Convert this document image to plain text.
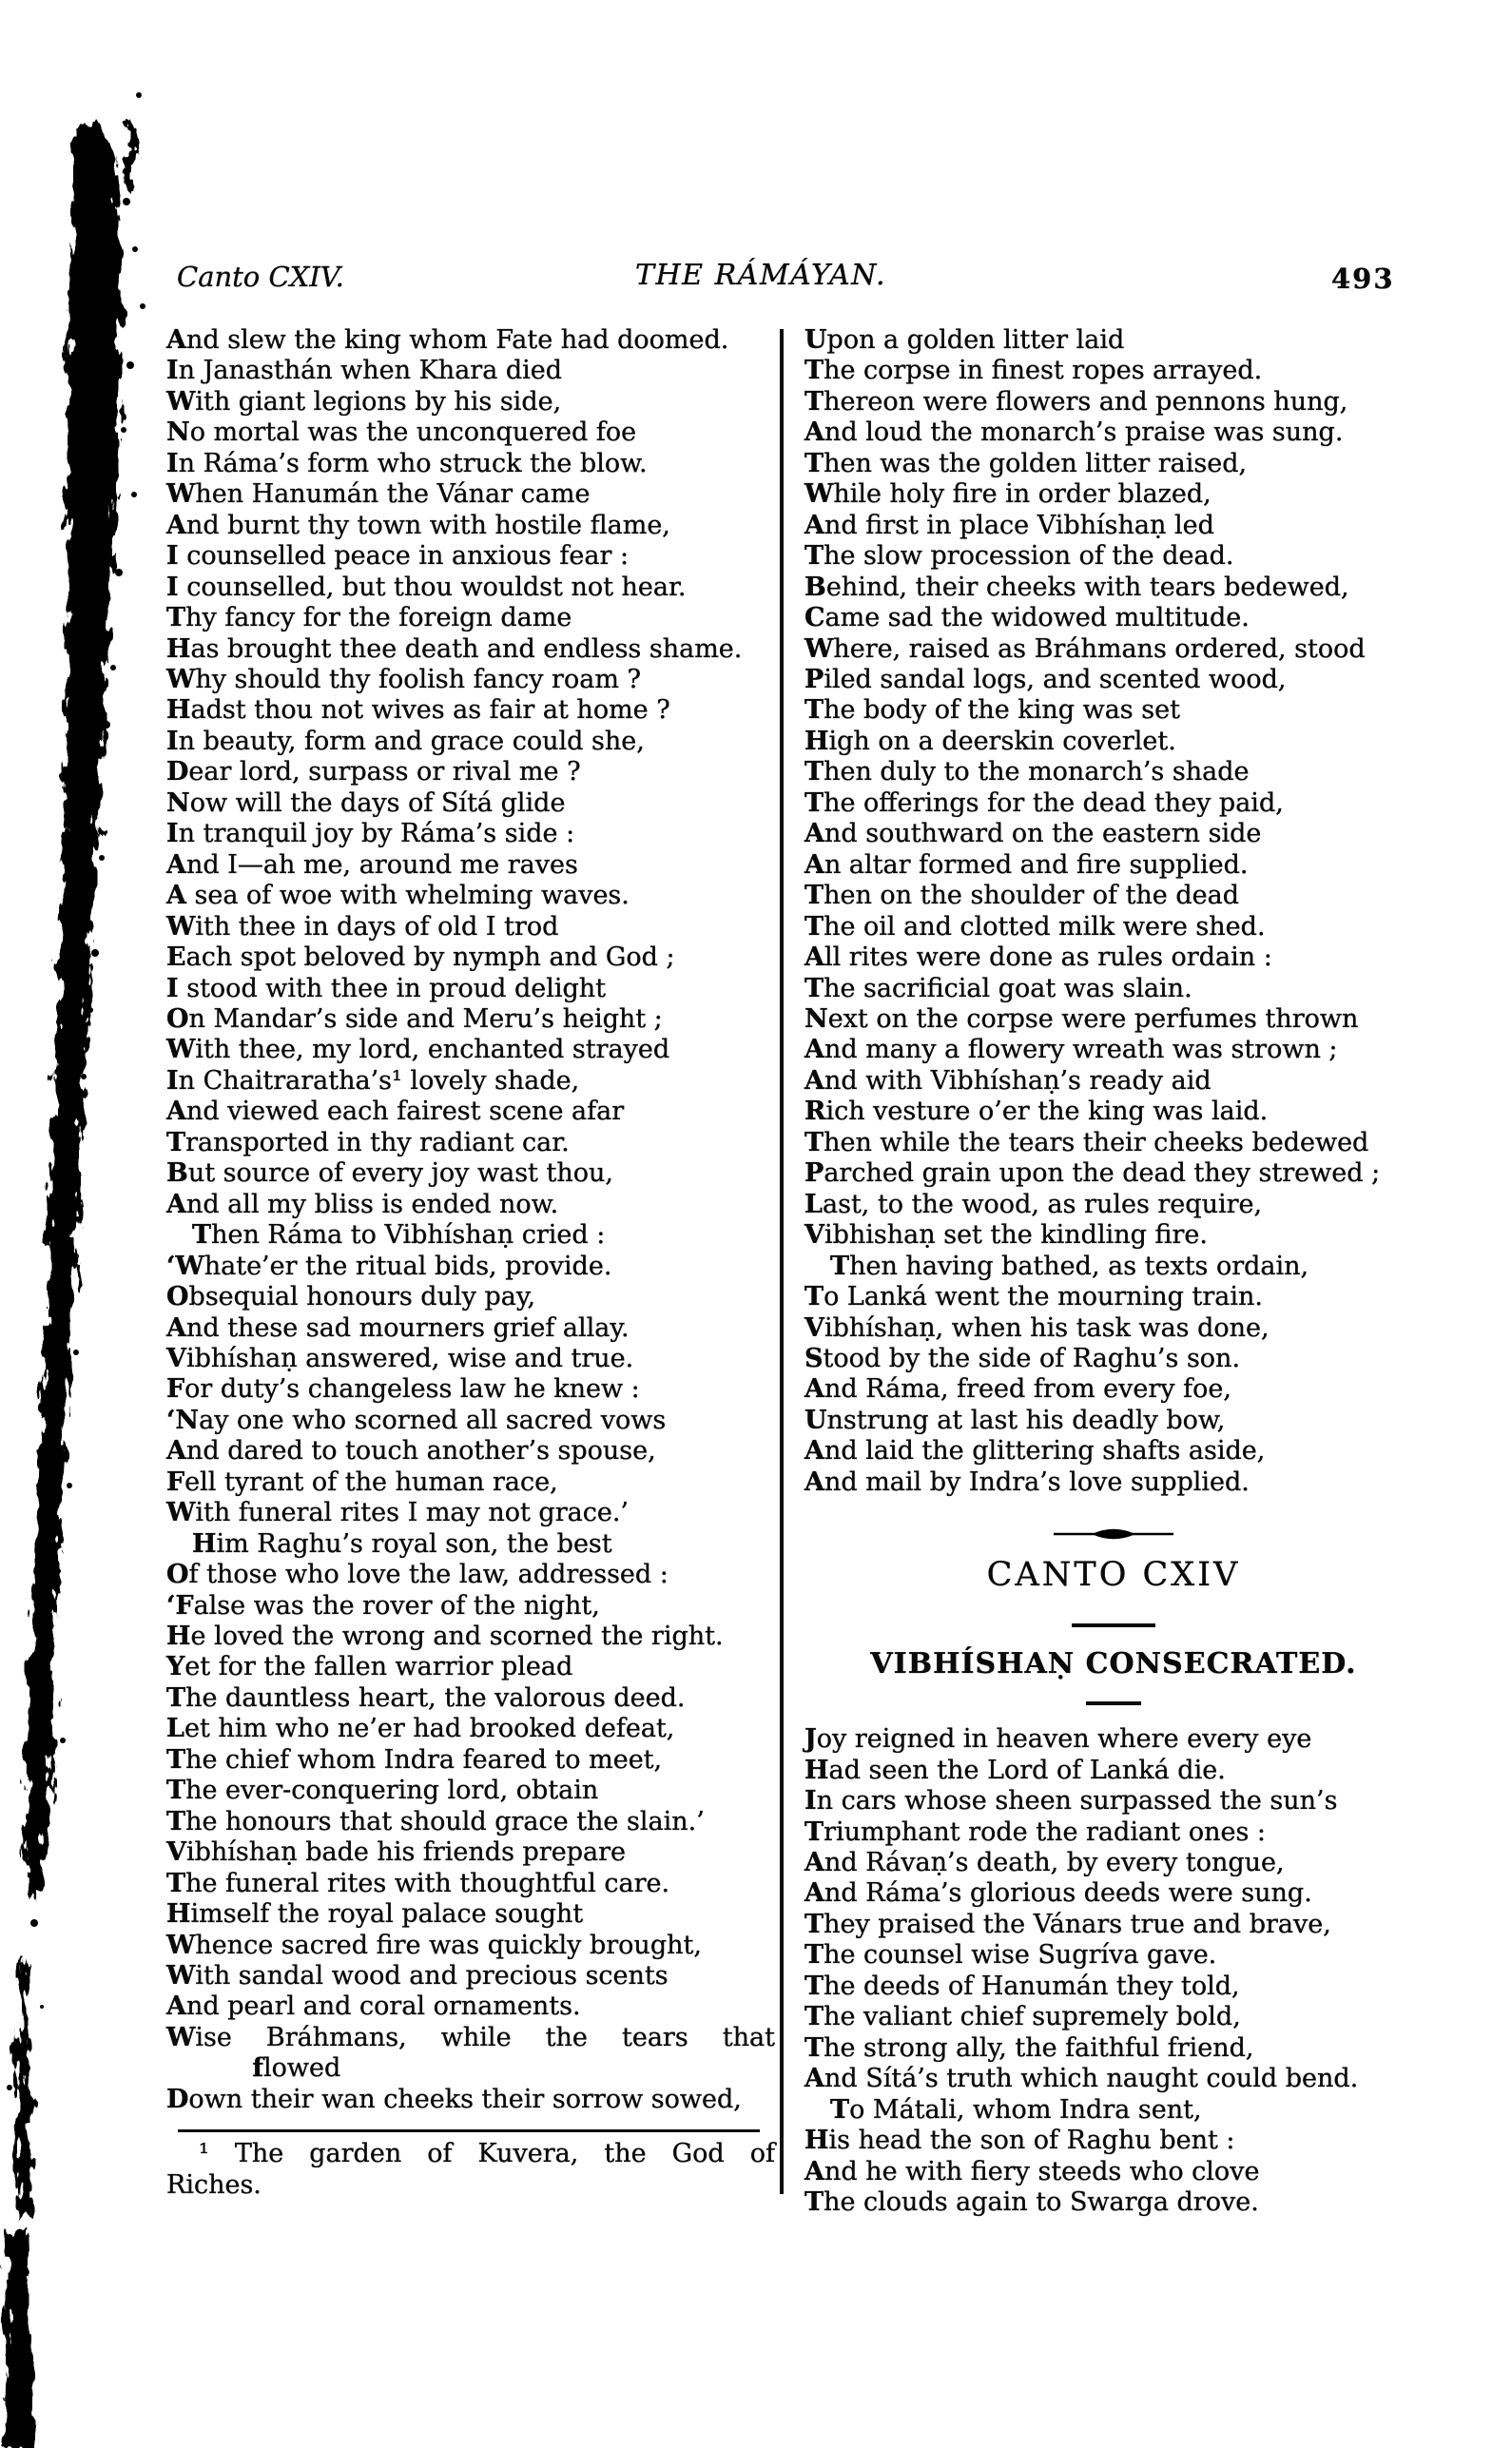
Canto CXIV.	THE RÁMÁYAN.	493
And slew the king whom Fate had doomed.
In Janasthán when Khara died
With giant legions by his side,
No mortal was the unconquered foe
In Ráma’s form who struck the blow.
When Hanumán the Vánar came
And burnt thy town with hostile flame,
I counselled peace in anxious fear :
I counselled, but thou wouldst not hear.
Thy fancy for the foreign dame
Has brought thee death and endless shame.
Why should thy foolish fancy roam ?
Hadst thou not wives as fair at home ?
In beauty, form and grace could she,
Dear lord, surpass or rival me ?
Now will the days of Sítá glide
In tranquil joy by Ráma’s side :
And I—ah me, around me raves
A sea of woe with whelming waves.
With thee in days of old I trod
Each spot beloved by nymph and God ;
I stood with thee in proud delight
On Mandar’s side and Meru’s height ;
With thee, my lord, enchanted strayed
In Chaitraratha’s¹ lovely shade,
And viewed each fairest scene afar
Transported in thy radiant car.
But source of every joy wast thou,
And all my bliss is ended now.
 Then Ráma to Vibhíshaṇ cried :
‘Whate’er the ritual bids, provide.
Obsequial honours duly pay,
And these sad mourners grief allay.
Vibhíshaṇ answered, wise and true.
For duty’s changeless law he knew :
‘Nay one who scorned all sacred vows
And dared to touch another’s spouse,
Fell tyrant of the human race,
With funeral rites I may not grace.’
 Him Raghu’s royal son, the best
Of those who love the law, addressed :
‘False was the rover of the night,
He loved the wrong and scorned the right.
Yet for the fallen warrior plead
The dauntless heart, the valorous deed.
Let him who ne’er had brooked defeat,
The chief whom Indra feared to meet,
The ever-conquering lord, obtain
The honours that should grace the slain.’
Vibhíshaṇ bade his friends prepare
The funeral rites with thoughtful care.
Himself the royal palace sought
Whence sacred fire was quickly brought,
With sandal wood and precious scents
And pearl and coral ornaments.
Wise Bráhmans, while the tears that
    flowed
Down their wan cheeks their sorrow sowed,
¹ The garden of Kuvera, the God of
Riches.
Upon a golden litter laid
The corpse in finest ropes arrayed.
Thereon were flowers and pennons hung,
And loud the monarch’s praise was sung.
Then was the golden litter raised,
While holy fire in order blazed,
And first in place Vibhíshaṇ led
The slow procession of the dead.
Behind, their cheeks with tears bedewed,
Came sad the widowed multitude.
Where, raised as Bráhmans ordered, stood
Piled sandal logs, and scented wood,
The body of the king was set
High on a deerskin coverlet.
Then duly to the monarch’s shade
The offerings for the dead they paid,
And southward on the eastern side
An altar formed and fire supplied.
Then on the shoulder of the dead
The oil and clotted milk were shed.
All rites were done as rules ordain :
The sacrificial goat was slain.
Next on the corpse were perfumes thrown
And many a flowery wreath was strown ;
And with Vibhíshaṇ’s ready aid
Rich vesture o’er the king was laid.
Then while the tears their cheeks bedewed
Parched grain upon the dead they strewed ;
Last, to the wood, as rules require,
Vibhishaṇ set the kindling fire.
 Then having bathed, as texts ordain,
To Lanká went the mourning train.
Vibhíshaṇ, when his task was done,
Stood by the side of Raghu’s son.
And Ráma, freed from every foe,
Unstrung at last his deadly bow,
And laid the glittering shafts aside,
And mail by Indra’s love supplied.
CANTO CXIV
VIBHÍSHAṆ CONSECRATED.
Joy reigned in heaven where every eye
Had seen the Lord of Lanká die.
In cars whose sheen surpassed the sun’s
Triumphant rode the radiant ones :
And Rávaṇ’s death, by every tongue,
And Ráma’s glorious deeds were sung.
They praised the Vánars true and brave,
The counsel wise Sugríva gave.
The deeds of Hanumán they told,
The valiant chief supremely bold,
The strong ally, the faithful friend,
And Sítá’s truth which naught could bend.
 To Mátali, whom Indra sent,
His head the son of Raghu bent :
And he with fiery steeds who clove
The clouds again to Swarga drove.
